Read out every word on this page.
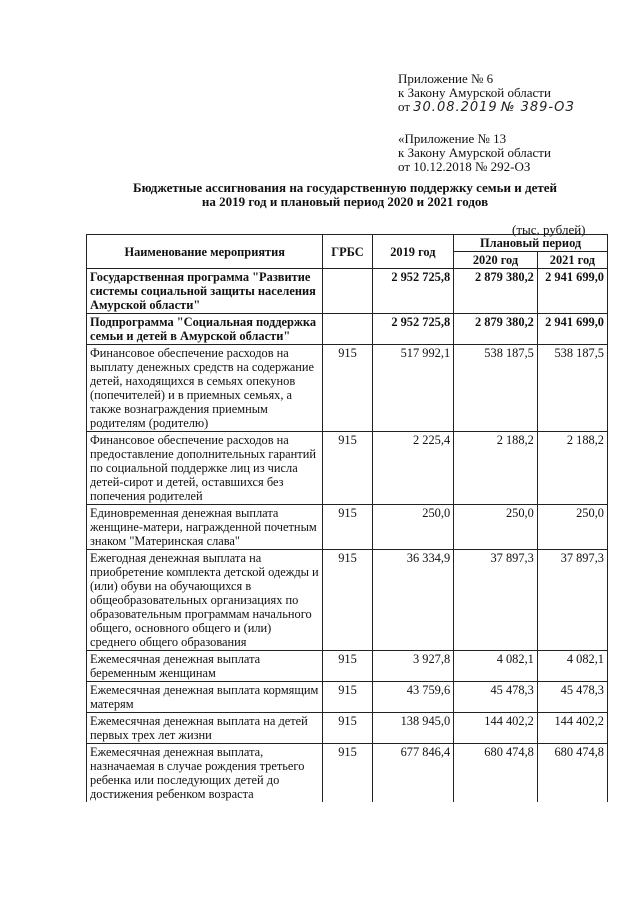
Приложение № 6
к Закону Амурской области
от 30.08.2019 № 389-ОЗ
«Приложение № 13
к Закону Амурской области
от 10.12.2018 № 292-ОЗ
Бюджетные ассигнования на государственную поддержку семьи и детей
на 2019 год и плановый период 2020 и 2021 годов
(тыс. рублей)
Наименование мероприятия	ГРБС	2019 год	Плановый период	
			2020 год	2021 год
Государственная программа "Развитие системы социальной защиты населения Амурской области"		2 952 725,8	2 879 380,2	2 941 699,0
Подпрограмма "Социальная поддержка семьи и детей в Амурской области"		2 952 725,8	2 879 380,2	2 941 699,0
Финансовое обеспечение расходов на выплату денежных средств на содержание детей, находящихся в семьях опекунов (попечителей) и в приемных семьях, а также вознаграждения приемным родителям (родителю)	915	517 992,1	538 187,5	538 187,5
Финансовое обеспечение расходов на предоставление дополнительных гарантий по социальной поддержке лиц из числа детей-сирот и детей, оставшихся без попечения родителей	915	2 225,4	2 188,2	2 188,2
Единовременная денежная выплата женщине-матери, награжденной почетным знаком "Материнская слава"	915	250,0	250,0	250,0
Ежегодная денежная выплата на приобретение комплекта детской одежды и (или) обуви на обучающихся в общеобразовательных организациях по образовательным программам начального общего, основного общего и (или) среднего общего образования	915	36 334,9	37 897,3	37 897,3
Ежемесячная денежная выплата беременным женщинам	915	3 927,8	4 082,1	4 082,1
Ежемесячная денежная выплата кормящим матерям	915	43 759,6	45 478,3	45 478,3
Ежемесячная денежная выплата на детей первых трех лет жизни	915	138 945,0	144 402,2	144 402,2
Ежемесячная денежная выплата, назначаемая в случае рождения третьего ребенка или последующих детей до достижения ребенком возраста	915	677 846,4	680 474,8	680 474,8
